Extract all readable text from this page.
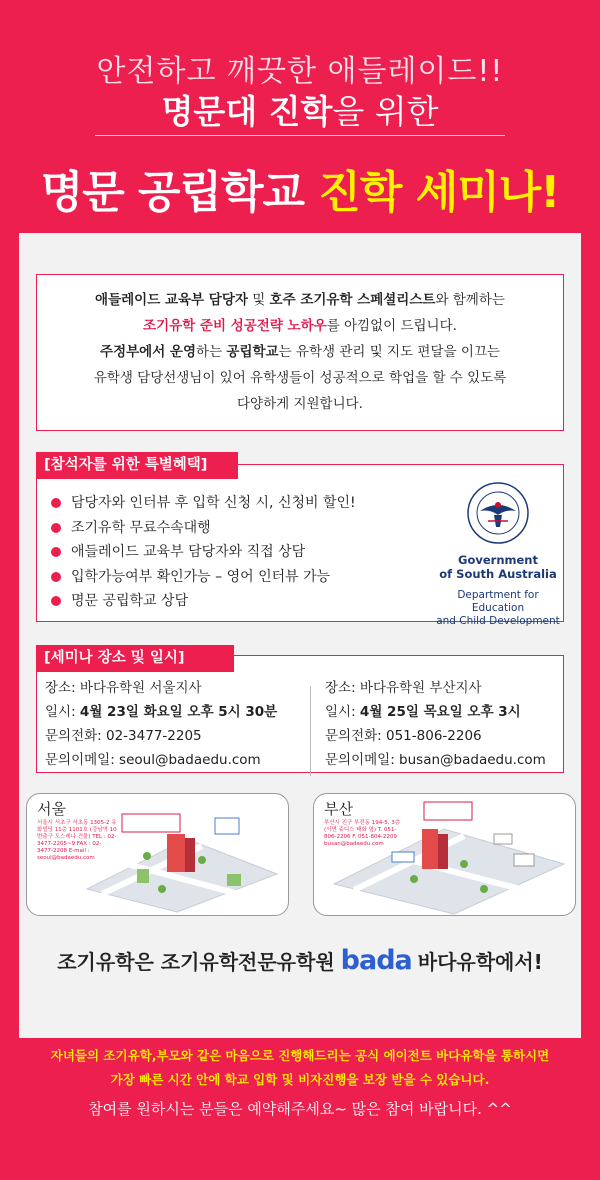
안전하고 깨끗한 애들레이드!!
명문대 진학을 위한
명문 공립학교 진학 세미나!

애들레이드 교육부 담당자 및 호주 조기유학 스페셜리스트와 함께하는

조기유학 준비 성공전략 노하우를 아낌없이 드립니다.

주정부에서 운영하는 공립학교는 유학생 관리 및 지도 편달을 이끄는

유학생 담당선생님이 있어 유학생들이 성공적으로 학업을 할 수 있도록

다양하게 지원합니다.

담당자와 인터뷰 후 입학 신청 시, 신청비 할인!
조기유학 무료수속대행
애들레이드 교육부 담당자와 직접 상담
입학가능여부 확인가능 – 영어 인터뷰 가능
명문 공립학교 상담
Government
of South Australia
Department for Education
and Child Development
[참석자를 위한 특별혜택]
장소: 바다유학원 서울지사
일시: 4월 23일 화요일 오후 5시 30분
문의전화: 02-3477-2205
문의이메일: seoul@badaedu.com
장소: 바다유학원 부산지사
일시: 4월 25일 목요일 오후 3시
문의전화: 051-806-2206
문의이메일: busan@badaedu.com
[세미나 장소 및 일시]
서울
서울시 서초구 서초동 1305-2 유화빌딩 11층 1101호 (강남역 10번출구 도스레나 건물) TEL : 02-3477-2205~9 FAX : 02-3477-2208 E-mail : seoul@badaedu.com
부산
부산시 진구 부전동 194-5, 3층 (서면 쥬디스 태화 옆) T. 051-806-2206 F. 051-804-2209 busan@badaedu.com
조기유학은 조기유학전문유학원 bada 바다유학에서!
자녀들의 조기유학,부모와 같은 마음으로 진행해드리는 공식 에이전트 바다유학을 통하시면
가장 빠른 시간 안에 학교 입학 및 비자진행을 보장 받을 수 있습니다.
참여를 원하시는 분들은 예약해주세요~ 많은 참여 바랍니다. ^^
